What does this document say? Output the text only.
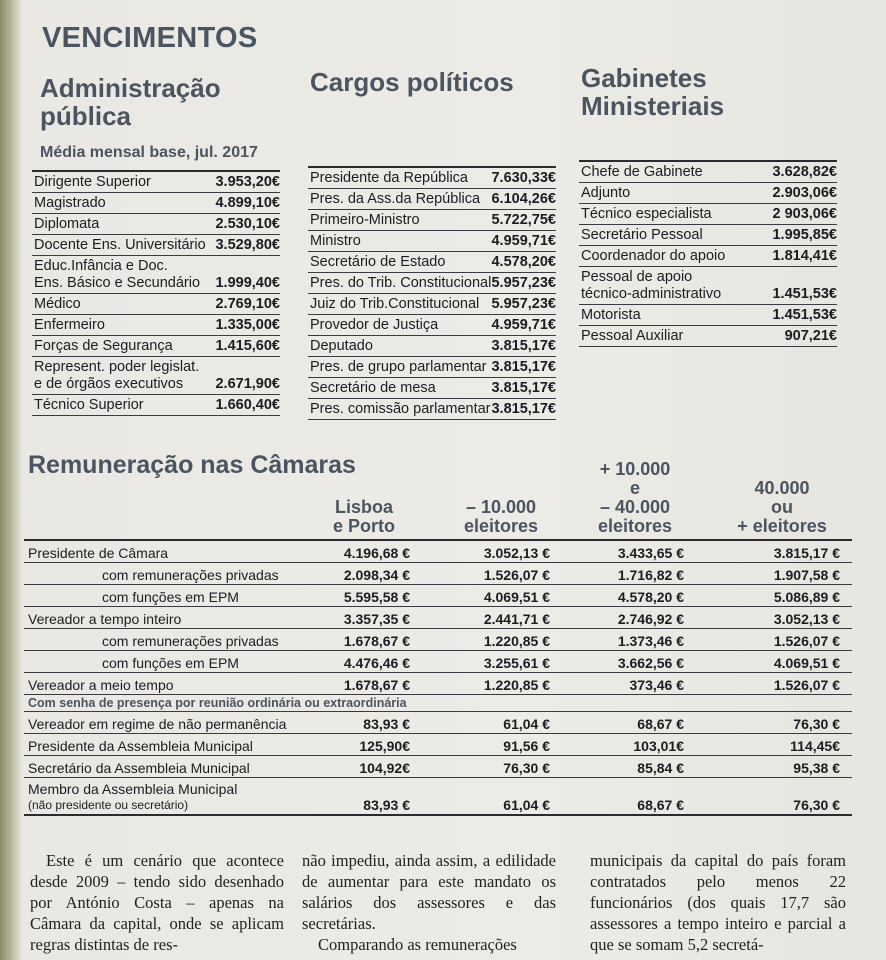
VENCIMENTOS
Administração
pública
Média mensal base, jul. 2017
Dirigente Superior	3.953,20€
Magistrado	4.899,10€
Diplomata	2.530,10€
Docente Ens. Universitário 3.529,80€
Educ.Infância e Doc.
Ens. Básico e Secundário 1.999,40€
Médico	2.769,10€
Enfermeiro	1.335,00€
Forças de Segurança	1.415,60€
Represent. poder legislat.
e de órgãos executivos	2.671,90€
Técnico Superior	1.660,40€
Cargos políticos
Presidente da República 7.630,33€
Pres. da Ass.da República 6.104,26€
Primeiro-Ministro	5.722,75€
Ministro	4.959,71€
Secretário de Estado	4.578,20€
Pres. do Trib. Constitucional 5.957,23€
Juiz do Trib.Constitucional 5.957,23€
Provedor de Justiça	4.959,71€
Deputado	3.815,17€
Pres. de grupo parlamentar 3.815,17€
Secretário de mesa	3.815,17€
Pres. comissão parlamentar 3.815,17€
Gabinetes
Ministeriais
Chefe de Gabinete	3.628,82€
Adjunto	2.903,06€
Técnico especialista	2 903,06€
Secretário Pessoal	1.995,85€
Coordenador do apoio	1.814,41€
Pessoal de apoio
técnico-administrativo	1.451,53€
Motorista	1.451,53€
Pessoal Auxiliar	907,21€
Remuneração nas Câmaras
Lisboa
e Porto
– 10.000
eleitores
+ 10.000
e
– 40.000
eleitores
40.000
ou
+ eleitores
Presidente de Câmara	4.196,68 €	3.052,13 €	3.433,65 €	3.815,17 €
com remunerações privadas	2.098,34 €	1.526,07 €	1.716,82 €	1.907,58 €
com funções em EPM	5.595,58 €	4.069,51 €	4.578,20 €	5.086,89 €
Vereador a tempo inteiro	3.357,35 €	2.441,71 €	2.746,92 €	3.052,13 €
com remunerações privadas	1.678,67 €	1.220,85 €	1.373,46 €	1.526,07 €
com funções em EPM	4.476,46 €	3.255,61 €	3.662,56 €	4.069,51 €
Vereador a meio tempo	1.678,67 €	1.220,85 €	373,46 €	1.526,07 €
Com senha de presença por reunião ordinária ou extraordinária
Vereador em regime de não permanência	83,93 €	61,04 €	68,67 €	76,30 €
Presidente da Assembleia Municipal	125,90€	91,56 €	103,01€	114,45€
Secretário da Assembleia Municipal	104,92€	76,30 €	85,84 €	95,38 €
Membro da Assembleia Municipal
(não presidente ou secretário)	83,93 €	61,04 €	68,67 €	76,30 €

Este é um cenário que acontece desde 2009 – tendo sido desenhado por António Costa – apenas na Câmara da capital, onde se aplicam regras distintas de res-

não impediu, ainda assim, a edilidade de aumentar para este mandato os salários dos assessores e das secretárias.

Comparando as remunerações

municipais da capital do país foram contratados pelo menos 22 funcionários (dos quais 17,7 são assessores a tempo inteiro e parcial a que se somam 5,2 secretá-
